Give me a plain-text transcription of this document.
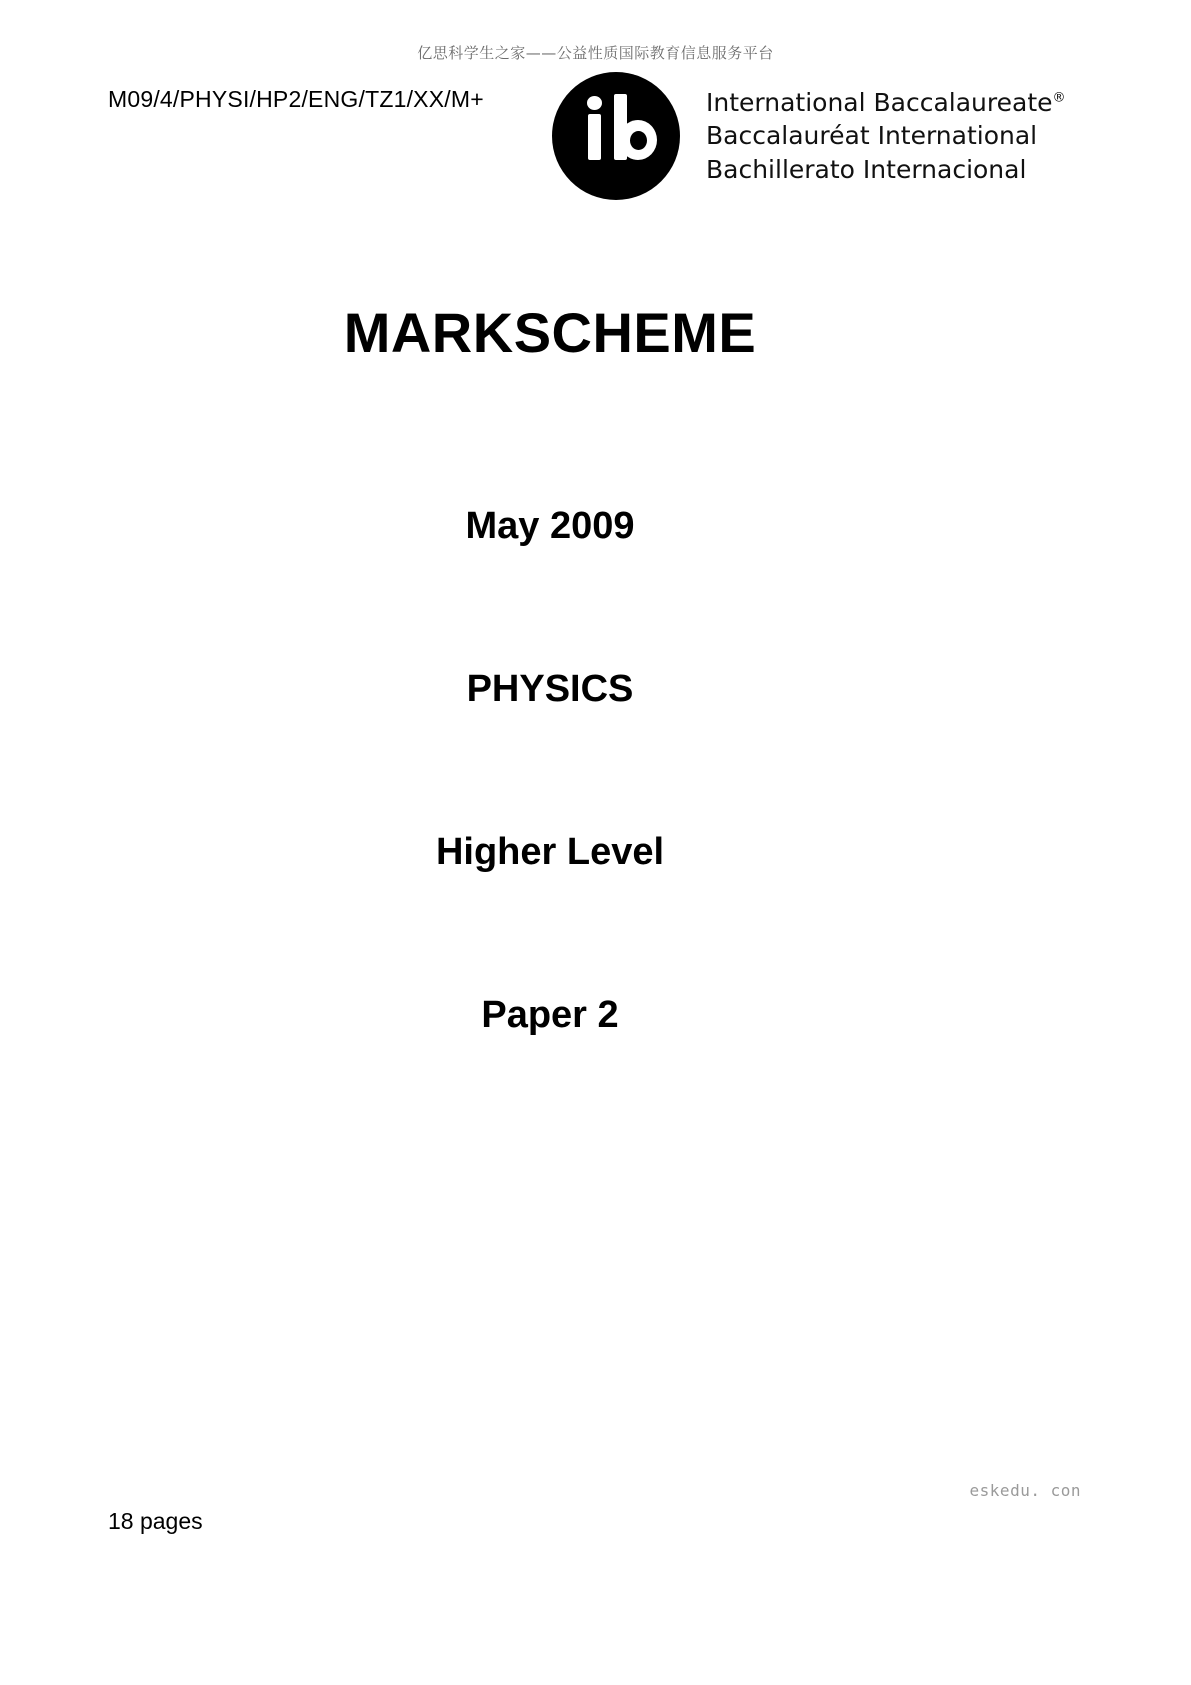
亿思科学生之家——公益性质国际教育信息服务平台
M09/4/PHYSI/HP2/ENG/TZ1/XX/M+	International Baccalaureate®
Baccalauréat International
Bachillerato Internacional
MARKSCHEME
May 2009
PHYSICS
Higher Level
Paper 2
eskedu. con
18 pages
